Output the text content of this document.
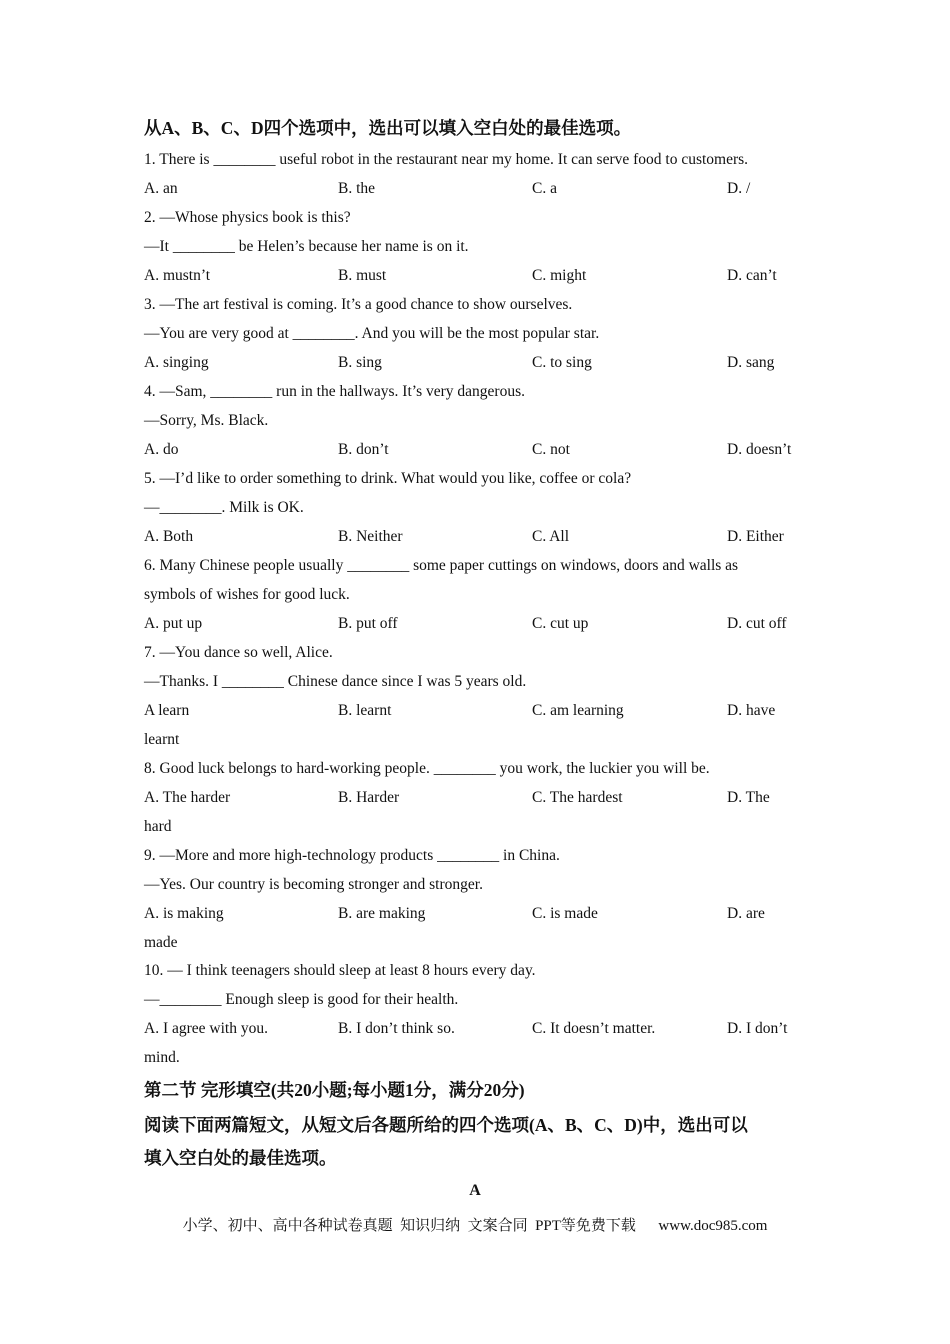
从A、B、C、D四个选项中，选出可以填入空白处的最佳选项。
1. There is ________ useful robot in the restaurant near my home. It can serve food to customers.
A. an	B. the	C. a	D. /
2. —Whose physics book is this?
—It ________ be Helen’s because her name is on it.
A. mustn’t	B. must	C. might	D. can’t
3. —The art festival is coming. It’s a good chance to show ourselves.
—You are very good at ________. And you will be the most popular star.
A. singing	B. sing	C. to sing	D. sang
4. —Sam, ________ run in the hallways. It’s very dangerous.
—Sorry, Ms. Black.
A. do	B. don’t	C. not	D. doesn’t
5. —I’d like to order something to drink. What would you like, coffee or cola?
—________. Milk is OK.
A. Both	B. Neither	C. All	D. Either
6. Many Chinese people usually ________ some paper cuttings on windows, doors and walls as
symbols of wishes for good luck.
A. put up	B. put off	C. cut up	D. cut off
7. —You dance so well, Alice.
—Thanks. I ________ Chinese dance since I was 5 years old.
A learn	B. learnt	C. am learning	D. have
learnt
8. Good luck belongs to hard-working people. ________ you work, the luckier you will be.
A. The harder	B. Harder	C. The hardest	D. The
hard
9. —More and more high-technology products ________ in China.
—Yes. Our country is becoming stronger and stronger.
A. is making	B. are making	C. is made	D. are
made
10. — I think teenagers should sleep at least 8 hours every day.
—________ Enough sleep is good for their health.
A. I agree with you.	B. I don’t think so.	C. It doesn’t matter.	D. I don’t
mind.
第二节 完形填空(共20小题;每小题1分，满分20分)
阅读下面两篇短文，从短文后各题所给的四个选项(A、B、C、D)中，选出可以
填入空白处的最佳选项。
A
小学、初中、高中各种试卷真题  知识归纳  文案合同  PPT等免费下载 www.doc985.com
